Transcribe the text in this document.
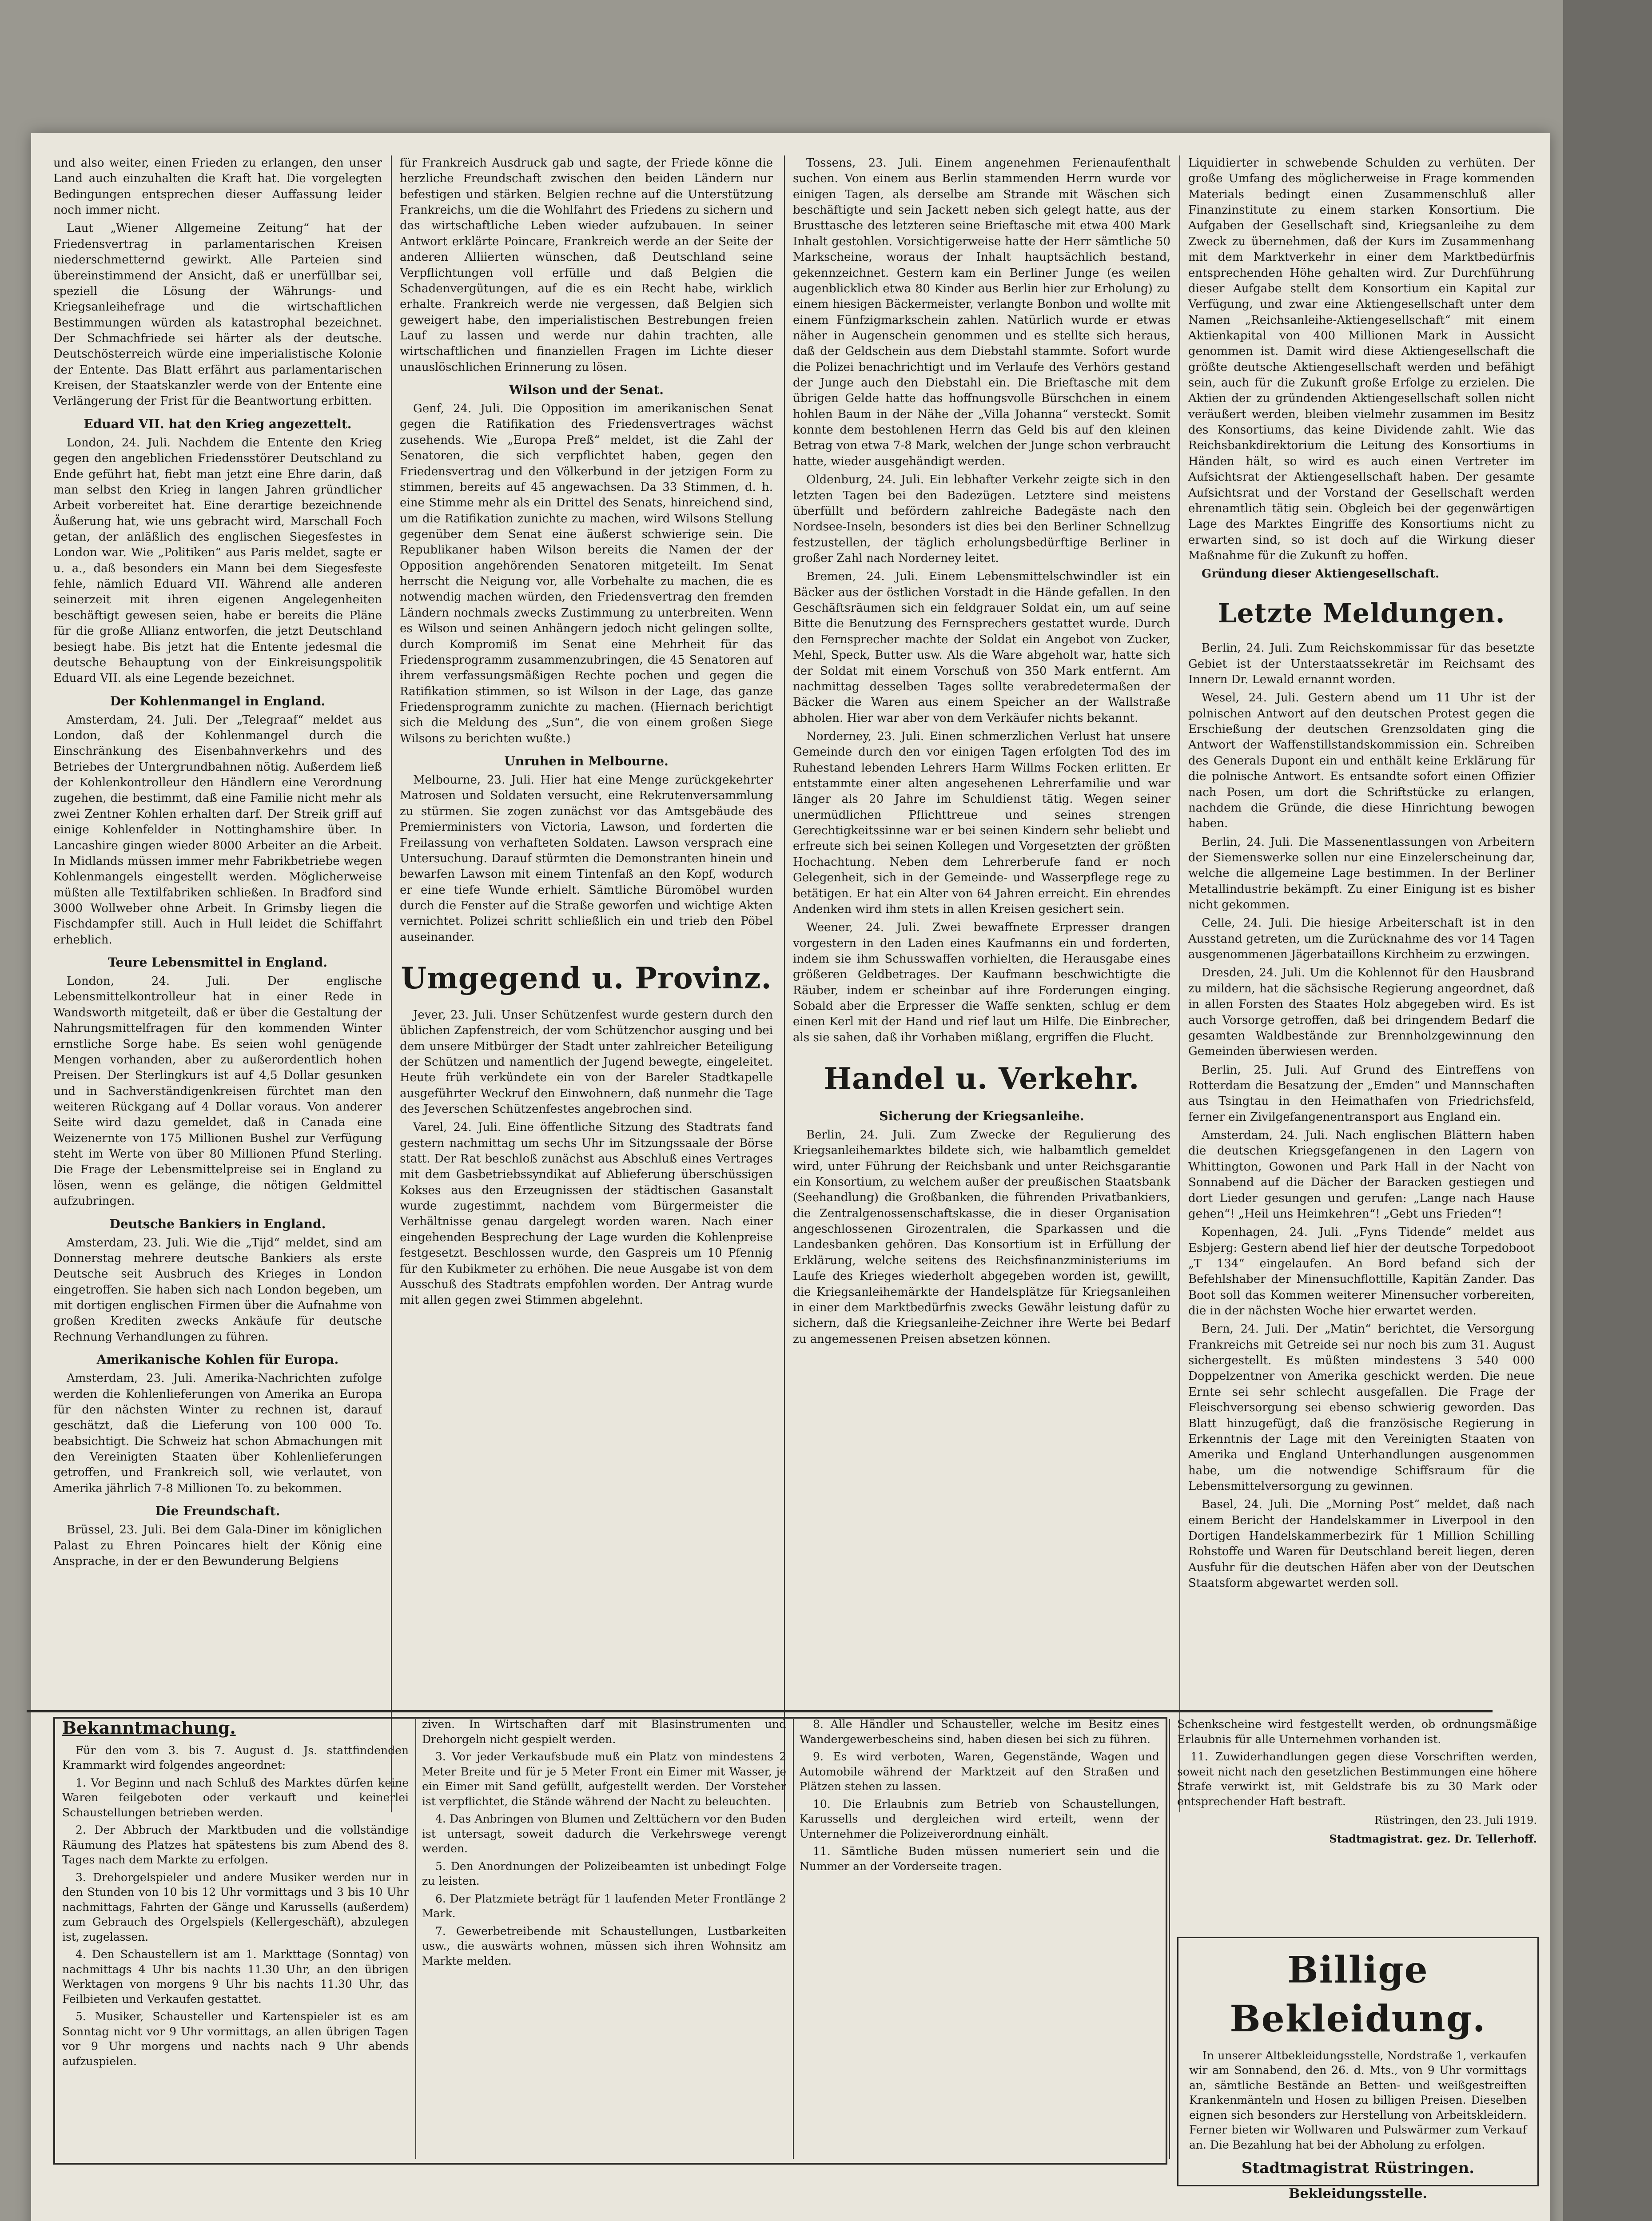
und also weiter, einen Frieden zu erlangen, den unser Land auch einzuhalten die Kraft hat. Die vorgelegten Bedingungen entsprechen dieser Auffassung leider noch immer nicht.

Laut „Wiener Allgemeine Zeitung“ hat der Friedensvertrag in parlamentarischen Kreisen niederschmetternd gewirkt. Alle Parteien sind übereinstimmend der Ansicht, daß er unerfüllbar sei, speziell die Lösung der Währungs- und Kriegsanleihefrage und die wirtschaftlichen Bestimmungen würden als katastrophal bezeichnet. Der Schmachfriede sei härter als der deutsche. Deutschösterreich würde eine imperialistische Kolonie der Entente. Das Blatt erfährt aus parlamentarischen Kreisen, der Staatskanzler werde von der Entente eine Verlängerung der Frist für die Beantwortung erbitten.

Eduard VII. hat den Krieg angezettelt.

London, 24. Juli. Nachdem die Entente den Krieg gegen den angeblichen Friedensstörer Deutschland zu Ende geführt hat, fiebt man jetzt eine Ehre darin, daß man selbst den Krieg in langen Jahren gründlicher Arbeit vorbereitet hat. Eine derartige bezeichnende Äußerung hat, wie uns gebracht wird, Marschall Foch getan, der anläßlich des englischen Siegesfestes in London war. Wie „Politiken“ aus Paris meldet, sagte er u. a., daß besonders ein Mann bei dem Siegesfeste fehle, nämlich Eduard VII. Während alle anderen seinerzeit mit ihren eigenen Angelegenheiten beschäftigt gewesen seien, habe er bereits die Pläne für die große Allianz entworfen, die jetzt Deutschland besiegt habe. Bis jetzt hat die Entente jedesmal die deutsche Behauptung von der Einkreisungspolitik Eduard VII. als eine Legende bezeichnet.

Der Kohlenmangel in England.

Amsterdam, 24. Juli. Der „Telegraaf“ meldet aus London, daß der Kohlenmangel durch die Einschränkung des Eisenbahnverkehrs und des Betriebes der Untergrundbahnen nötig. Außerdem ließ der Kohlenkontrolleur den Händlern eine Verordnung zugehen, die bestimmt, daß eine Familie nicht mehr als zwei Zentner Kohlen erhalten darf. Der Streik griff auf einige Kohlenfelder in Nottinghamshire über. In Lancashire gingen wieder 8000 Arbeiter an die Arbeit. In Midlands müssen immer mehr Fabrikbetriebe wegen Kohlenmangels eingestellt werden. Möglicherweise müßten alle Textilfabriken schließen. In Bradford sind 3000 Wollweber ohne Arbeit. In Grimsby liegen die Fischdampfer still. Auch in Hull leidet die Schiffahrt erheblich.

Teure Lebensmittel in England.

London, 24. Juli. Der englische Lebensmittelkontrolleur hat in einer Rede in Wandsworth mitgeteilt, daß er über die Gestaltung der Nahrungsmittelfragen für den kommenden Winter ernstliche Sorge habe. Es seien wohl genügende Mengen vorhanden, aber zu außerordentlich hohen Preisen. Der Sterlingkurs ist auf 4,5 Dollar gesunken und in Sachverständigenkreisen fürchtet man den weiteren Rückgang auf 4 Dollar voraus. Von anderer Seite wird dazu gemeldet, daß in Canada eine Weizenernte von 175 Millionen Bushel zur Verfügung steht im Werte von über 80 Millionen Pfund Sterling. Die Frage der Lebensmittelpreise sei in England zu lösen, wenn es gelänge, die nötigen Geldmittel aufzubringen.

Deutsche Bankiers in England.

Amsterdam, 23. Juli. Wie die „Tijd“ meldet, sind am Donnerstag mehrere deutsche Bankiers als erste Deutsche seit Ausbruch des Krieges in London eingetroffen. Sie haben sich nach London begeben, um mit dortigen englischen Firmen über die Aufnahme von großen Krediten zwecks Ankäufe für deutsche Rechnung Verhandlungen zu führen.

Amerikanische Kohlen für Europa.

Amsterdam, 23. Juli. Amerika-Nachrichten zufolge werden die Kohlenlieferungen von Amerika an Europa für den nächsten Winter zu rechnen ist, darauf geschätzt, daß die Lieferung von 100 000 To. beabsichtigt. Die Schweiz hat schon Abmachungen mit den Vereinigten Staaten über Kohlenlieferungen getroffen, und Frankreich soll, wie verlautet, von Amerika jährlich 7-8 Millionen To. zu bekommen.

Die Freundschaft.

Brüssel, 23. Juli. Bei dem Gala-Diner im königlichen Palast zu Ehren Poincares hielt der König eine Ansprache, in der er den Bewunderung Belgiens

für Frankreich Ausdruck gab und sagte, der Friede könne die herzliche Freundschaft zwischen den beiden Ländern nur befestigen und stärken. Belgien rechne auf die Unterstützung Frankreichs, um die die Wohlfahrt des Friedens zu sichern und das wirtschaftliche Leben wieder aufzubauen. In seiner Antwort erklärte Poincare, Frankreich werde an der Seite der anderen Alliierten wünschen, daß Deutschland seine Verpflichtungen voll erfülle und daß Belgien die Schadenvergütungen, auf die es ein Recht habe, wirklich erhalte. Frankreich werde nie vergessen, daß Belgien sich geweigert habe, den imperialistischen Bestrebungen freien Lauf zu lassen und werde nur dahin trachten, alle wirtschaftlichen und finanziellen Fragen im Lichte dieser unauslöschlichen Erinnerung zu lösen.

Wilson und der Senat.

Genf, 24. Juli. Die Opposition im amerikanischen Senat gegen die Ratifikation des Friedensvertrages wächst zusehends. Wie „Europa Preß“ meldet, ist die Zahl der Senatoren, die sich verpflichtet haben, gegen den Friedensvertrag und den Völkerbund in der jetzigen Form zu stimmen, bereits auf 45 angewachsen. Da 33 Stimmen, d. h. eine Stimme mehr als ein Drittel des Senats, hinreichend sind, um die Ratifikation zunichte zu machen, wird Wilsons Stellung gegenüber dem Senat eine äußerst schwierige sein. Die Republikaner haben Wilson bereits die Namen der der Opposition angehörenden Senatoren mitgeteilt. Im Senat herrscht die Neigung vor, alle Vorbehalte zu machen, die es notwendig machen würden, den Friedensvertrag den fremden Ländern nochmals zwecks Zustimmung zu unterbreiten. Wenn es Wilson und seinen Anhängern jedoch nicht gelingen sollte, durch Kompromiß im Senat eine Mehrheit für das Friedensprogramm zusammenzubringen, die 45 Senatoren auf ihrem verfassungsmäßigen Rechte pochen und gegen die Ratifikation stimmen, so ist Wilson in der Lage, das ganze Friedensprogramm zunichte zu machen. (Hiernach berichtigt sich die Meldung des „Sun“, die von einem großen Siege Wilsons zu berichten wußte.)

Unruhen in Melbourne.

Melbourne, 23. Juli. Hier hat eine Menge zurückgekehrter Matrosen und Soldaten versucht, eine Rekrutenversammlung zu stürmen. Sie zogen zunächst vor das Amtsgebäude des Premierministers von Victoria, Lawson, und forderten die Freilassung von verhafteten Soldaten. Lawson versprach eine Untersuchung. Darauf stürmten die Demonstranten hinein und bewarfen Lawson mit einem Tintenfaß an den Kopf, wodurch er eine tiefe Wunde erhielt. Sämtliche Büromöbel wurden durch die Fenster auf die Straße geworfen und wichtige Akten vernichtet. Polizei schritt schließlich ein und trieb den Pöbel auseinander.

Umgegend u. Provinz.

Jever, 23. Juli. Unser Schützenfest wurde gestern durch den üblichen Zapfenstreich, der vom Schützenchor ausging und bei dem unsere Mitbürger der Stadt unter zahlreicher Beteiligung der Schützen und namentlich der Jugend bewegte, eingeleitet. Heute früh verkündete ein von der Bareler Stadtkapelle ausgeführter Weckruf den Einwohnern, daß nunmehr die Tage des Jeverschen Schützenfestes angebrochen sind.

Varel, 24. Juli. Eine öffentliche Sitzung des Stadtrats fand gestern nachmittag um sechs Uhr im Sitzungssaale der Börse statt. Der Rat beschloß zunächst aus Abschluß eines Vertrages mit dem Gasbetriebssyndikat auf Ablieferung überschüssigen Kokses aus den Erzeugnissen der städtischen Gasanstalt wurde zugestimmt, nachdem vom Bürgermeister die Verhältnisse genau dargelegt worden waren. Nach einer eingehenden Besprechung der Lage wurden die Kohlenpreise festgesetzt. Beschlossen wurde, den Gaspreis um 10 Pfennig für den Kubikmeter zu erhöhen. Die neue Ausgabe ist von dem Ausschuß des Stadtrats empfohlen worden. Der Antrag wurde mit allen gegen zwei Stimmen abgelehnt.

Tossens, 23. Juli. Einem angenehmen Ferienaufenthalt suchen. Von einem aus Berlin stammenden Herrn wurde vor einigen Tagen, als derselbe am Strande mit Wäschen sich beschäftigte und sein Jackett neben sich gelegt hatte, aus der Brusttasche des letzteren seine Brieftasche mit etwa 400 Mark Inhalt gestohlen. Vorsichtigerweise hatte der Herr sämtliche 50 Markscheine, woraus der Inhalt hauptsächlich bestand, gekennzeichnet. Gestern kam ein Berliner Junge (es weilen augenblicklich etwa 80 Kinder aus Berlin hier zur Erholung) zu einem hiesigen Bäckermeister, verlangte Bonbon und wollte mit einem Fünfzigmarkschein zahlen. Natürlich wurde er etwas näher in Augenschein genommen und es stellte sich heraus, daß der Geldschein aus dem Diebstahl stammte. Sofort wurde die Polizei benachrichtigt und im Verlaufe des Verhörs gestand der Junge auch den Diebstahl ein. Die Brieftasche mit dem übrigen Gelde hatte das hoffnungsvolle Bürschchen in einem hohlen Baum in der Nähe der „Villa Johanna“ versteckt. Somit konnte dem bestohlenen Herrn das Geld bis auf den kleinen Betrag von etwa 7-8 Mark, welchen der Junge schon verbraucht hatte, wieder ausgehändigt werden.

Oldenburg, 24. Juli. Ein lebhafter Verkehr zeigte sich in den letzten Tagen bei den Badezügen. Letztere sind meistens überfüllt und befördern zahlreiche Badegäste nach den Nordsee-Inseln, besonders ist dies bei den Berliner Schnellzug festzustellen, der täglich erholungsbedürftige Berliner in großer Zahl nach Norderney leitet.

Bremen, 24. Juli. Einem Lebensmittelschwindler ist ein Bäcker aus der östlichen Vorstadt in die Hände gefallen. In den Geschäftsräumen sich ein feldgrauer Soldat ein, um auf seine Bitte die Benutzung des Fernsprechers gestattet wurde. Durch den Fernsprecher machte der Soldat ein Angebot von Zucker, Mehl, Speck, Butter usw. Als die Ware abgeholt war, hatte sich der Soldat mit einem Vorschuß von 350 Mark entfernt. Am nachmittag desselben Tages sollte verabredetermaßen der Bäcker die Waren aus einem Speicher an der Wallstraße abholen. Hier war aber von dem Verkäufer nichts bekannt.

Norderney, 23. Juli. Einen schmerzlichen Verlust hat unsere Gemeinde durch den vor einigen Tagen erfolgten Tod des im Ruhestand lebenden Lehrers Harm Willms Focken erlitten. Er entstammte einer alten angesehenen Lehrerfamilie und war länger als 20 Jahre im Schuldienst tätig. Wegen seiner unermüdlichen Pflichttreue und seines strengen Gerechtigkeitssinne war er bei seinen Kindern sehr beliebt und erfreute sich bei seinen Kollegen und Vorgesetzten der größten Hochachtung. Neben dem Lehrerberufe fand er noch Gelegenheit, sich in der Gemeinde- und Wasserpflege rege zu betätigen. Er hat ein Alter von 64 Jahren erreicht. Ein ehrendes Andenken wird ihm stets in allen Kreisen gesichert sein.

Weener, 24. Juli. Zwei bewaffnete Erpresser drangen vorgestern in den Laden eines Kaufmanns ein und forderten, indem sie ihm Schusswaffen vorhielten, die Herausgabe eines größeren Geldbetrages. Der Kaufmann beschwichtigte die Räuber, indem er scheinbar auf ihre Forderungen einging. Sobald aber die Erpresser die Waffe senkten, schlug er dem einen Kerl mit der Hand und rief laut um Hilfe. Die Einbrecher, als sie sahen, daß ihr Vorhaben mißlang, ergriffen die Flucht.

Handel u. Verkehr.
Sicherung der Kriegsanleihe.

Berlin, 24. Juli. Zum Zwecke der Regulierung des Kriegsanleihemarktes bildete sich, wie halbamtlich gemeldet wird, unter Führung der Reichsbank und unter Reichsgarantie ein Konsortium, zu welchem außer der preußischen Staatsbank (Seehandlung) die Großbanken, die führenden Privatbankiers, die Zentralgenossenschaftskasse, die in dieser Organisation angeschlossenen Girozentralen, die Sparkassen und die Landesbanken gehören. Das Konsortium ist in Erfüllung der Erklärung, welche seitens des Reichsfinanzministeriums im Laufe des Krieges wiederholt abgegeben worden ist, gewillt, die Kriegsanleihemärkte der Handelsplätze für Kriegsanleihen in einer dem Marktbedürfnis zwecks Gewähr leistung dafür zu sichern, daß die Kriegsanleihe-Zeichner ihre Werte bei Bedarf zu angemessenen Preisen absetzen können.

Liquidierter in schwebende Schulden zu verhüten. Der große Umfang des möglicherweise in Frage kommenden Materials bedingt einen Zusammenschluß aller Finanzinstitute zu einem starken Konsortium. Die Aufgaben der Gesellschaft sind, Kriegsanleihe zu dem Zweck zu übernehmen, daß der Kurs im Zusammenhang mit dem Marktverkehr in einer dem Marktbedürfnis entsprechenden Höhe gehalten wird. Zur Durchführung dieser Aufgabe stellt dem Konsortium ein Kapital zur Verfügung, und zwar eine Aktiengesellschaft unter dem Namen „Reichsanleihe-Aktiengesellschaft“ mit einem Aktienkapital von 400 Millionen Mark in Aussicht genommen ist. Damit wird diese Aktiengesellschaft die größte deutsche Aktiengesellschaft werden und befähigt sein, auch für die Zukunft große Erfolge zu erzielen. Die Aktien der zu gründenden Aktiengesellschaft sollen nicht veräußert werden, bleiben vielmehr zusammen im Besitz des Konsortiums, das keine Dividende zahlt. Wie das Reichsbankdirektorium die Leitung des Konsortiums in Händen hält, so wird es auch einen Vertreter im Aufsichtsrat der Aktiengesellschaft haben. Der gesamte Aufsichtsrat und der Vorstand der Gesellschaft werden ehrenamtlich tätig sein. Obgleich bei der gegenwärtigen Lage des Marktes Eingriffe des Konsortiums nicht zu erwarten sind, so ist doch auf die Wirkung dieser Maßnahme für die Zukunft zu hoffen.

Gründung dieser Aktiengesellschaft.

Letzte Meldungen.

Berlin, 24. Juli. Zum Reichskommissar für das besetzte Gebiet ist der Unterstaatssekretär im Reichsamt des Innern Dr. Lewald ernannt worden.

Wesel, 24. Juli. Gestern abend um 11 Uhr ist der polnischen Antwort auf den deutschen Protest gegen die Erschießung der deutschen Grenzsoldaten ging die Antwort der Waffenstillstandskommission ein. Schreiben des Generals Dupont ein und enthält keine Erklärung für die polnische Antwort. Es entsandte sofort einen Offizier nach Posen, um dort die Schriftstücke zu erlangen, nachdem die Gründe, die diese Hinrichtung bewogen haben.

Berlin, 24. Juli. Die Massenentlassungen von Arbeitern der Siemenswerke sollen nur eine Einzelerscheinung dar, welche die allgemeine Lage bestimmen. In der Berliner Metallindustrie bekämpft. Zu einer Einigung ist es bisher nicht gekommen.

Celle, 24. Juli. Die hiesige Arbeiterschaft ist in den Ausstand getreten, um die Zurücknahme des vor 14 Tagen ausgenommenen Jägerbataillons Kirchheim zu erzwingen.

Dresden, 24. Juli. Um die Kohlennot für den Hausbrand zu mildern, hat die sächsische Regierung angeordnet, daß in allen Forsten des Staates Holz abgegeben wird. Es ist auch Vorsorge getroffen, daß bei dringendem Bedarf die gesamten Waldbestände zur Brennholzgewinnung den Gemeinden überwiesen werden.

Berlin, 25. Juli. Auf Grund des Eintreffens von Rotterdam die Besatzung der „Emden“ und Mannschaften aus Tsingtau in den Heimathafen von Friedrichsfeld, ferner ein Zivilgefangenentransport aus England ein.

Amsterdam, 24. Juli. Nach englischen Blättern haben die deutschen Kriegsgefangenen in den Lagern von Whittington, Gowonen und Park Hall in der Nacht von Sonnabend auf die Dächer der Baracken gestiegen und dort Lieder gesungen und gerufen: „Lange nach Hause gehen“! „Heil uns Heimkehren“! „Gebt uns Frieden“!

Kopenhagen, 24. Juli. „Fyns Tidende“ meldet aus Esbjerg: Gestern abend lief hier der deutsche Torpedoboot „T 134“ eingelaufen. An Bord befand sich der Befehlshaber der Minensuchflottille, Kapitän Zander. Das Boot soll das Kommen weiterer Minensucher vorbereiten, die in der nächsten Woche hier erwartet werden.

Bern, 24. Juli. Der „Matin“ berichtet, die Versorgung Frankreichs mit Getreide sei nur noch bis zum 31. August sichergestellt. Es müßten mindestens 3 540 000 Doppelzentner von Amerika geschickt werden. Die neue Ernte sei sehr schlecht ausgefallen. Die Frage der Fleischversorgung sei ebenso schwierig geworden. Das Blatt hinzugefügt, daß die französische Regierung in Erkenntnis der Lage mit den Vereinigten Staaten von Amerika und England Unterhandlungen ausgenommen habe, um die notwendige Schiffsraum für die Lebensmittelversorgung zu gewinnen.

Basel, 24. Juli. Die „Morning Post“ meldet, daß nach einem Bericht der Handelskammer in Liverpool in den Dortigen Handelskammerbezirk für 1 Million Schilling Rohstoffe und Waren für Deutschland bereit liegen, deren Ausfuhr für die deutschen Häfen aber von der Deutschen Staatsform abgewartet werden soll.

Bekanntmachung.

Für den vom 3. bis 7. August d. Js. stattfindenden Krammarkt wird folgendes angeordnet:

1. Vor Beginn und nach Schluß des Marktes dürfen keine Waren feilgeboten oder verkauft und keinerlei Schaustellungen betrieben werden.

2. Der Abbruch der Marktbuden und die vollständige Räumung des Platzes hat spätestens bis zum Abend des 8. Tages nach dem Markte zu erfolgen.

3. Drehorgelspieler und andere Musiker werden nur in den Stunden von 10 bis 12 Uhr vormittags und 3 bis 10 Uhr nachmittags, Fahrten der Gänge und Karussells (außerdem) zum Gebrauch des Orgelspiels (Kellergeschäft), abzulegen ist, zugelassen.

4. Den Schaustellern ist am 1. Markttage (Sonntag) von nachmittags 4 Uhr bis nachts 11.30 Uhr, an den übrigen Werktagen von morgens 9 Uhr bis nachts 11.30 Uhr, das Feilbieten und Verkaufen gestattet.

5. Musiker, Schausteller und Kartenspieler ist es am Sonntag nicht vor 9 Uhr vormittags, an allen übrigen Tagen vor 9 Uhr morgens und nachts nach 9 Uhr abends aufzuspielen.

ziven. In Wirtschaften darf mit Blasinstrumenten und Drehorgeln nicht gespielt werden.

3. Vor jeder Verkaufsbude muß ein Platz von mindestens 2 Meter Breite und für je 5 Meter Front ein Eimer mit Wasser, je ein Eimer mit Sand gefüllt, aufgestellt werden. Der Vorsteher ist verpflichtet, die Stände während der Nacht zu beleuchten.

4. Das Anbringen von Blumen und Zelttüchern vor den Buden ist untersagt, soweit dadurch die Verkehrswege verengt werden.

5. Den Anordnungen der Polizeibeamten ist unbedingt Folge zu leisten.

6. Der Platzmiete beträgt für 1 laufenden Meter Frontlänge 2 Mark.

7. Gewerbetreibende mit Schaustellungen, Lustbarkeiten usw., die auswärts wohnen, müssen sich ihren Wohnsitz am Markte melden.

8. Alle Händler und Schausteller, welche im Besitz eines Wandergewerbescheins sind, haben diesen bei sich zu führen.

9. Es wird verboten, Waren, Gegenstände, Wagen und Automobile während der Marktzeit auf den Straßen und Plätzen stehen zu lassen.

10. Die Erlaubnis zum Betrieb von Schaustellungen, Karussells und dergleichen wird erteilt, wenn der Unternehmer die Polizeiverordnung einhält.

11. Sämtliche Buden müssen numeriert sein und die Nummer an der Vorderseite tragen.

Schenkscheine wird festgestellt werden, ob ordnungsmäßige Erlaubnis für alle Unternehmen vorhanden ist.

11. Zuwiderhandlungen gegen diese Vorschriften werden, soweit nicht nach den gesetzlichen Bestimmungen eine höhere Strafe verwirkt ist, mit Geldstrafe bis zu 30 Mark oder entsprechender Haft bestraft.

Rüstringen, den 23. Juli 1919.
Stadtmagistrat. gez. Dr. Tellerhoff.
Billige Bekleidung.

In unserer Altbekleidungsstelle, Nordstraße 1, verkaufen wir am Sonnabend, den 26. d. Mts., von 9 Uhr vormittags an, sämtliche Bestände an Betten- und weißgestreiften Krankenmänteln und Hosen zu billigen Preisen. Dieselben eignen sich besonders zur Herstellung von Arbeitskleidern. Ferner bieten wir Wollwaren und Pulswärmer zum Verkauf an. Die Bezahlung hat bei der Abholung zu erfolgen.

Stadtmagistrat Rüstringen.
Bekleidungsstelle.
